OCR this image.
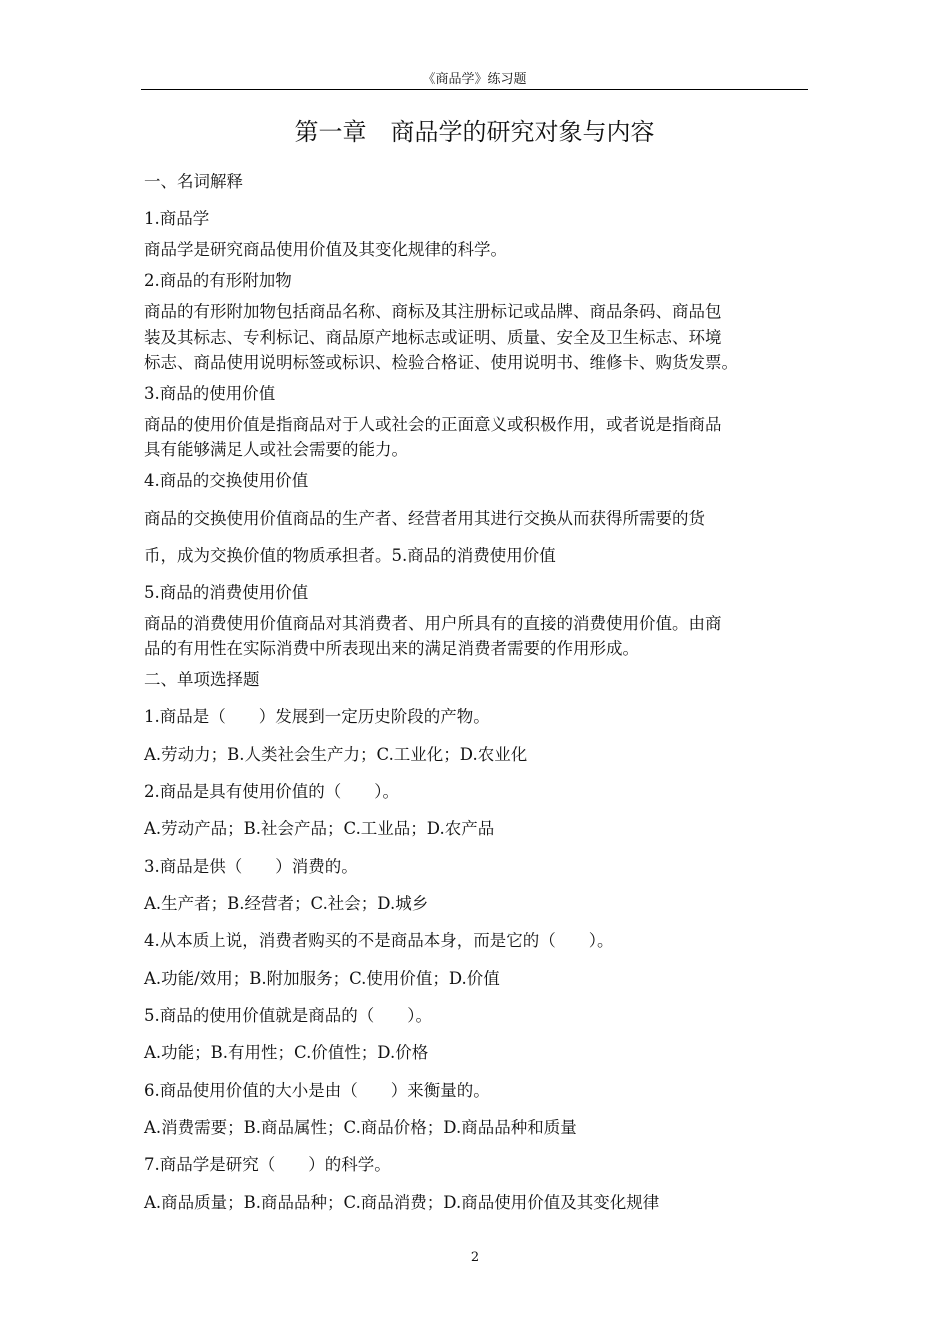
《商品学》练习题
第一章　商品学的研究对象与内容
一、名词解释
1.商品学
商品学是研究商品使用价值及其变化规律的科学。
2.商品的有形附加物
商品的有形附加物包括商品名称、商标及其注册标记或品牌、商品条码、商品包
装及其标志、专利标记、商品原产地标志或证明、质量、安全及卫生标志、环境
标志、商品使用说明标签或标识、检验合格证、使用说明书、维修卡、购货发票。
3.商品的使用价值
商品的使用价值是指商品对于人或社会的正面意义或积极作用，或者说是指商品
具有能够满足人或社会需要的能力。
4.商品的交换使用价值
商品的交换使用价值商品的生产者、经营者用其进行交换从而获得所需要的货
币，成为交换价值的物质承担者。5.商品的消费使用价值
5.商品的消费使用价值
商品的消费使用价值商品对其消费者、用户所具有的直接的消费使用价值。由商
品的有用性在实际消费中所表现出来的满足消费者需要的作用形成。
二、单项选择题
1.商品是（　　）发展到一定历史阶段的产物。
A.劳动力；B.人类社会生产力；C.工业化；D.农业化
2.商品是具有使用价值的（　　）。
A.劳动产品；B.社会产品；C.工业品；D.农产品
3.商品是供（　　）消费的。
A.生产者；B.经营者；C.社会；D.城乡
4.从本质上说，消费者购买的不是商品本身，而是它的（　　）。
A.功能/效用；B.附加服务；C.使用价值；D.价值
5.商品的使用价值就是商品的（　　）。
A.功能；B.有用性；C.价值性；D.价格
6.商品使用价值的大小是由（　　）来衡量的。
A.消费需要；B.商品属性；C.商品价格；D.商品品种和质量
7.商品学是研究（　　）的科学。
A.商品质量；B.商品品种；C.商品消费；D.商品使用价值及其变化规律
2
